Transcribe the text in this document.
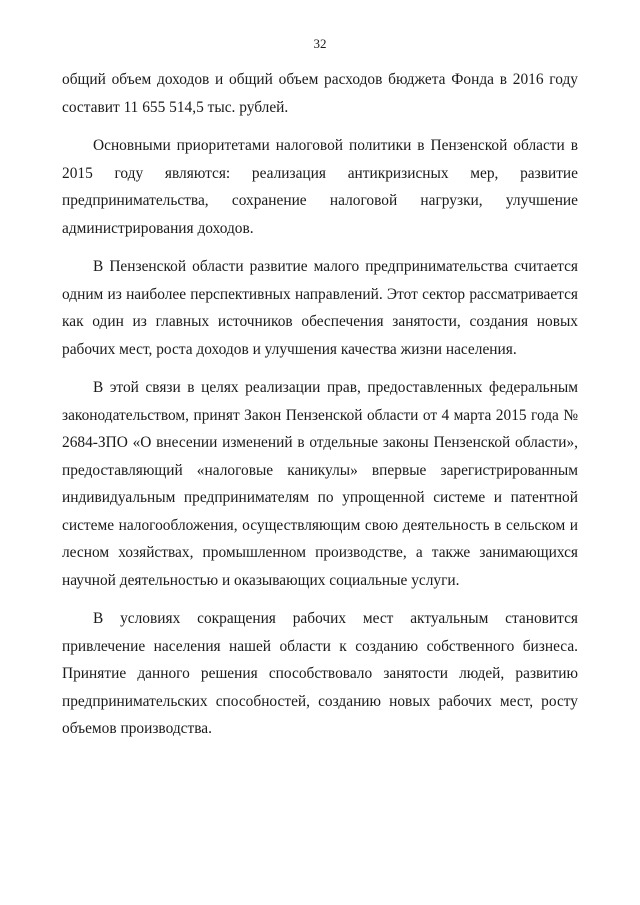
32

общий объем доходов и общий объем расходов бюджета Фонда в 2016 году составит 11 655 514,5 тыс. рублей.

Основными приоритетами налоговой политики в Пензенской области в 2015 году являются: реализация антикризисных мер, развитие предпринимательства, сохранение налоговой нагрузки, улучшение администрирования доходов.

В Пензенской области развитие малого предпринимательства считается одним из наиболее перспективных направлений. Этот сектор рассматривается как один из главных источников обеспечения занятости, создания новых рабочих мест, роста доходов и улучшения качества жизни населения.

В этой связи в целях реализации прав, предоставленных федеральным законодательством, принят Закон Пензенской области от 4 марта 2015 года № 2684-ЗПО «О внесении изменений в отдельные законы Пензенской области», предоставляющий «налоговые каникулы» впервые зарегистрированным индивидуальным предпринимателям по упрощенной системе и патентной системе налогообложения, осуществляющим свою деятельность в сельском и лесном хозяйствах, промышленном производстве, а также занимающихся научной деятельностью и оказывающих социальные услуги.

В условиях сокращения рабочих мест актуальным становится привлечение населения нашей области к созданию собственного бизнеса. Принятие данного решения способствовало занятости людей, развитию предпринимательских способностей, созданию новых рабочих мест, росту объемов производства.
